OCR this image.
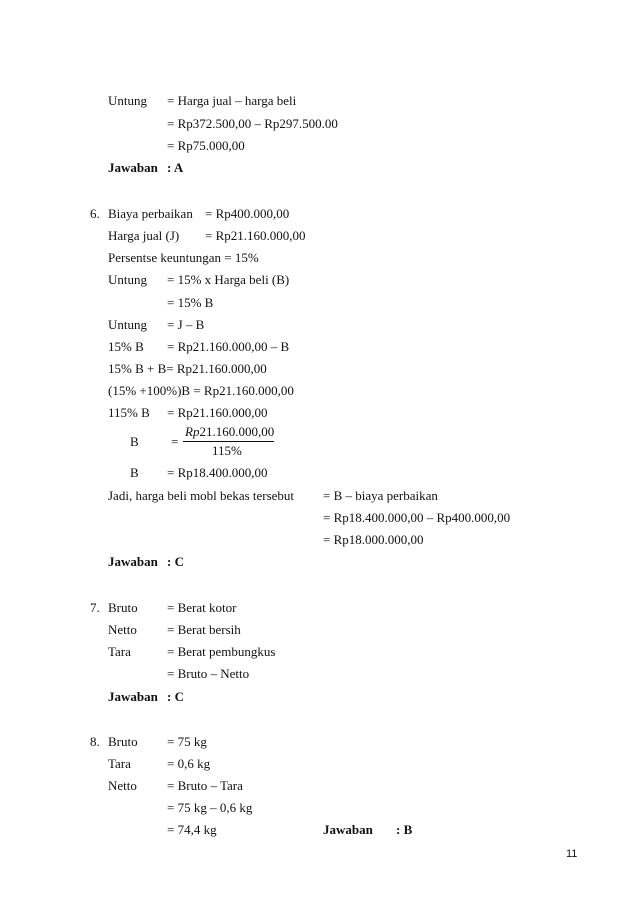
Untung = Harga jual – harga beli
= Rp372.500,00 – Rp297.500.00
= Rp75.000,00
Jawaban : A
6. Biaya perbaikan = Rp400.000,00
Harga jual (J) = Rp21.160.000,00
Persentse keuntungan = 15%
Untung = 15% x Harga beli (B)
= 15% B
Untung = J – B
15% B = Rp21.160.000,00 – B
15% B + B= Rp21.160.000,00
(15% +100%)B = Rp21.160.000,00
115% B = Rp21.160.000,00
B =
Rp21.160.000,00
115%
B = Rp18.400.000,00
Jadi, harga beli mobl bekas tersebut = B – biaya perbaikan
= Rp18.400.000,00 – Rp400.000,00
= Rp18.000.000,00
Jawaban : C
7. Bruto = Berat kotor
Netto = Berat bersih
Tara	= Berat pembungkus
= Bruto – Netto
Jawaban : C
8. Bruto = 75 kg
Tara	= 0,6 kg
Netto = Bruto – Tara
= 75 kg – 0,6 kg
= 74,4 kg	Jawaban : B
11
